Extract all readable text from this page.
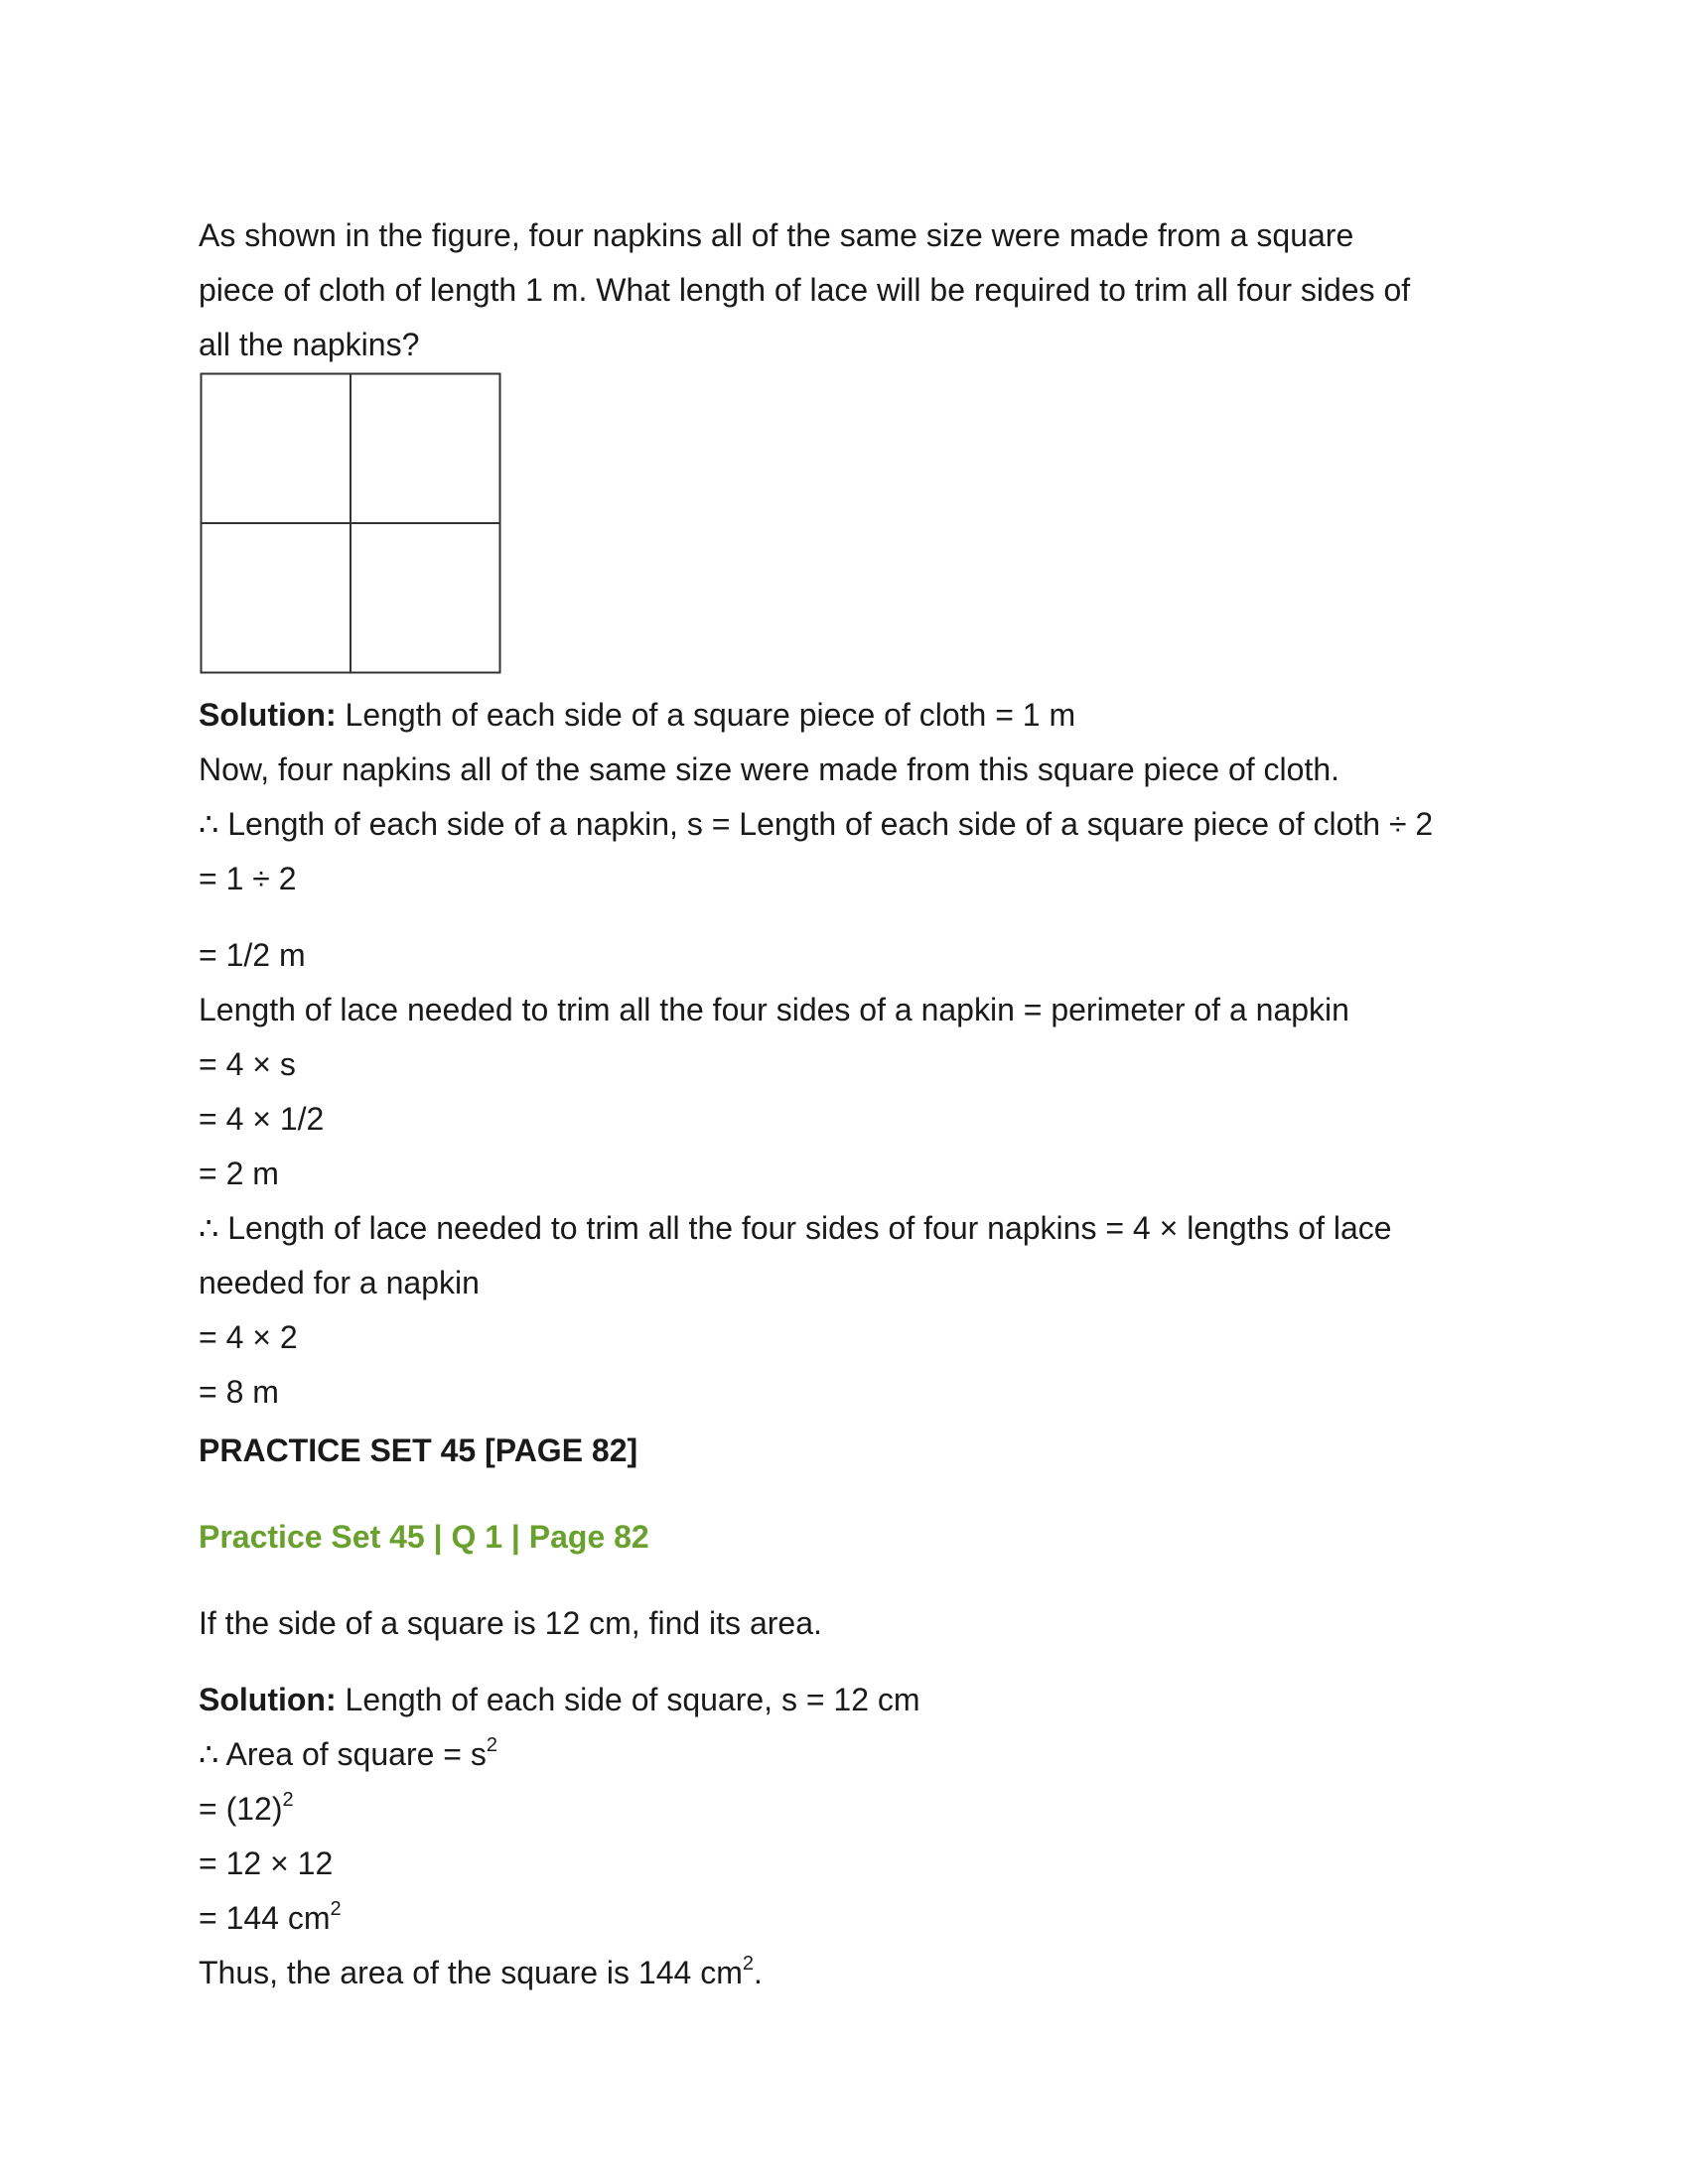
As shown in the figure, four napkins all of the same size were made from a square

piece of cloth of length 1 m. What length of lace will be required to trim all four sides of

all the napkins?

Solution: Length of each side of a square piece of cloth = 1 m

Now, four napkins all of the same size were made from this square piece of cloth.

∴ Length of each side of a napkin, s = Length of each side of a square piece of cloth ÷ 2

= 1 ÷ 2

= 1/2 m

Length of lace needed to trim all the four sides of a napkin = perimeter of a napkin

= 4 × s

= 4 × 1/2

= 2 m

∴ Length of lace needed to trim all the four sides of four napkins = 4 × lengths of lace

needed for a napkin

= 4 × 2

= 8 m

PRACTICE SET 45 [PAGE 82]

Practice Set 45 | Q 1 | Page 82

If the side of a square is 12 cm, find its area.

Solution: Length of each side of square, s = 12 cm

∴ Area of square = $s^2$

= $(12)^2$

= 12 × 12

= 144 $cm^2$

Thus, the area of the square is 144 $cm^2$.
